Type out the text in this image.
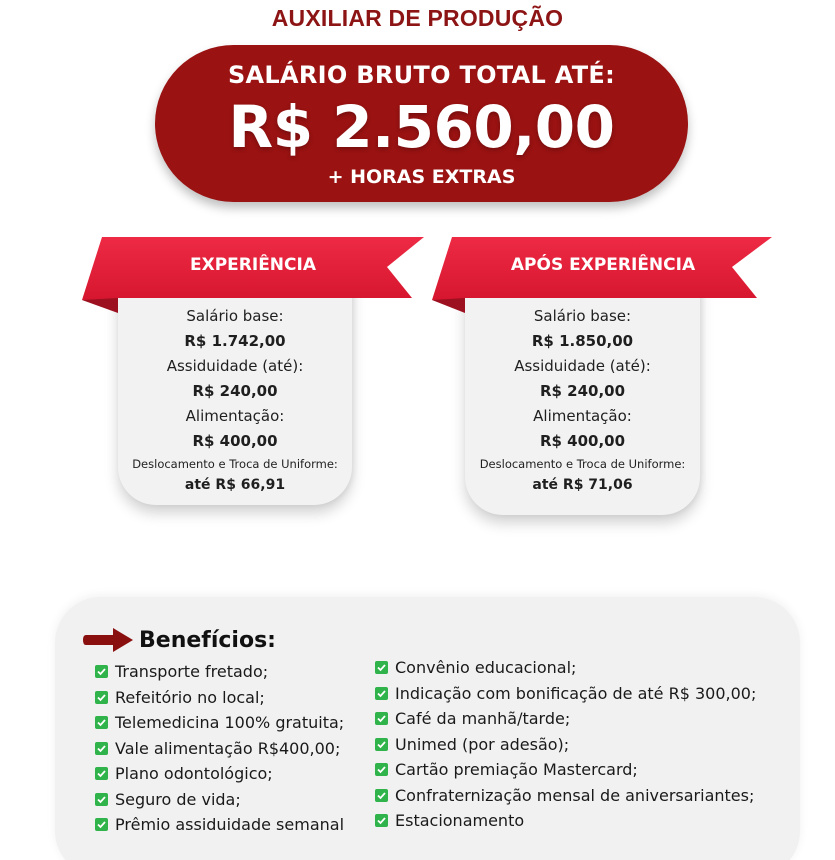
AUXILIAR DE PRODUÇÃO
SALÁRIO BRUTO TOTAL ATÉ:
R$ 2.560,00
+ HORAS EXTRAS
Salário base:
R$ 1.742,00
Assiduidade (até):
R$ 240,00
Alimentação:
R$ 400,00
Deslocamento e Troca de Uniforme:
até R$ 66,91
EXPERIÊNCIA
Salário base:
R$ 1.850,00
Assiduidade (até):
R$ 240,00
Alimentação:
R$ 400,00
Deslocamento e Troca de Uniforme:
até R$ 71,06
APÓS EXPERIÊNCIA
Benefícios:
Transporte fretado;
Refeitório no local;
Telemedicina 100% gratuita;
Vale alimentação R$400,00;
Plano odontológico;
Seguro de vida;
Prêmio assiduidade semanal
Convênio educacional;
Indicação com bonificação de até R$ 300,00;
Café da manhã/tarde;
Unimed (por adesão);
Cartão premiação Mastercard;
Confraternização mensal de aniversariantes;
Estacionamento
